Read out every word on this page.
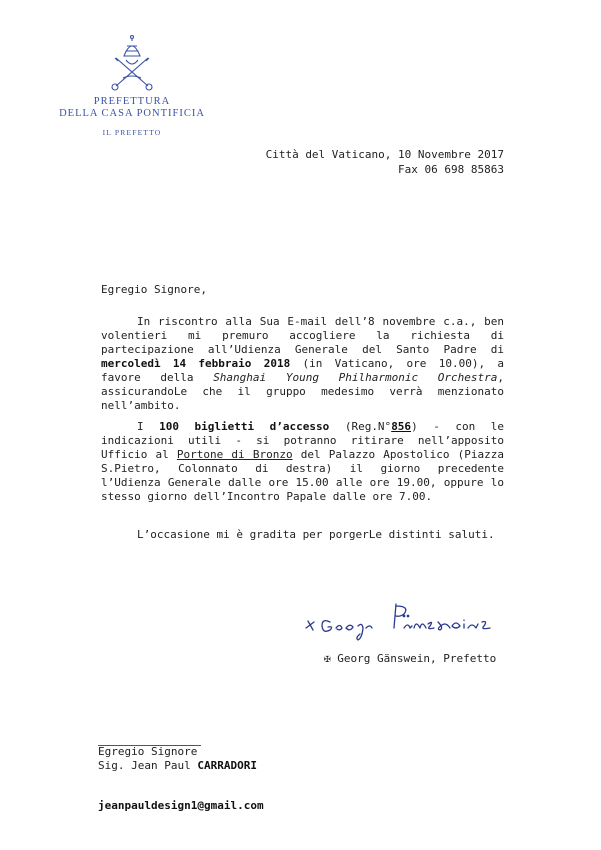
PREFETTURA
DELLA CASA PONTIFICIA
IL PREFETTO
Città del Vaticano, 10 Novembre 2017
Fax 06 698 85863
Egregio Signore,

In riscontro alla Sua E-mail dell’8 novembre c.a., ben volentieri mi premuro accogliere la richiesta di partecipazione all’Udienza Generale del Santo Padre di mercoledì 14 febbraio 2018 (in Vaticano, ore 10.00), a favore della Shanghai Young Philharmonic Orchestra, assicurandoLe che il gruppo medesimo verrà menzionato nell’ambito.

I 100 biglietti d’accesso (Reg.N°856) - con le indicazioni utili - si potranno ritirare nell’apposito Ufficio al Portone di Bronzo del Palazzo Apostolico (Piazza S.Pietro, Colonnato di destra) il giorno precedente l’Udienza Generale dalle ore 15.00 alle ore 19.00, oppure lo stesso giorno dell’Incontro Papale dalle ore 7.00.

L’occasione mi è gradita per porgerLe distinti saluti.
✠ Georg Gänswein, Prefetto
Egregio Signore
Sig. Jean Paul CARRADORI
jeanpauldesign1@gmail.com
